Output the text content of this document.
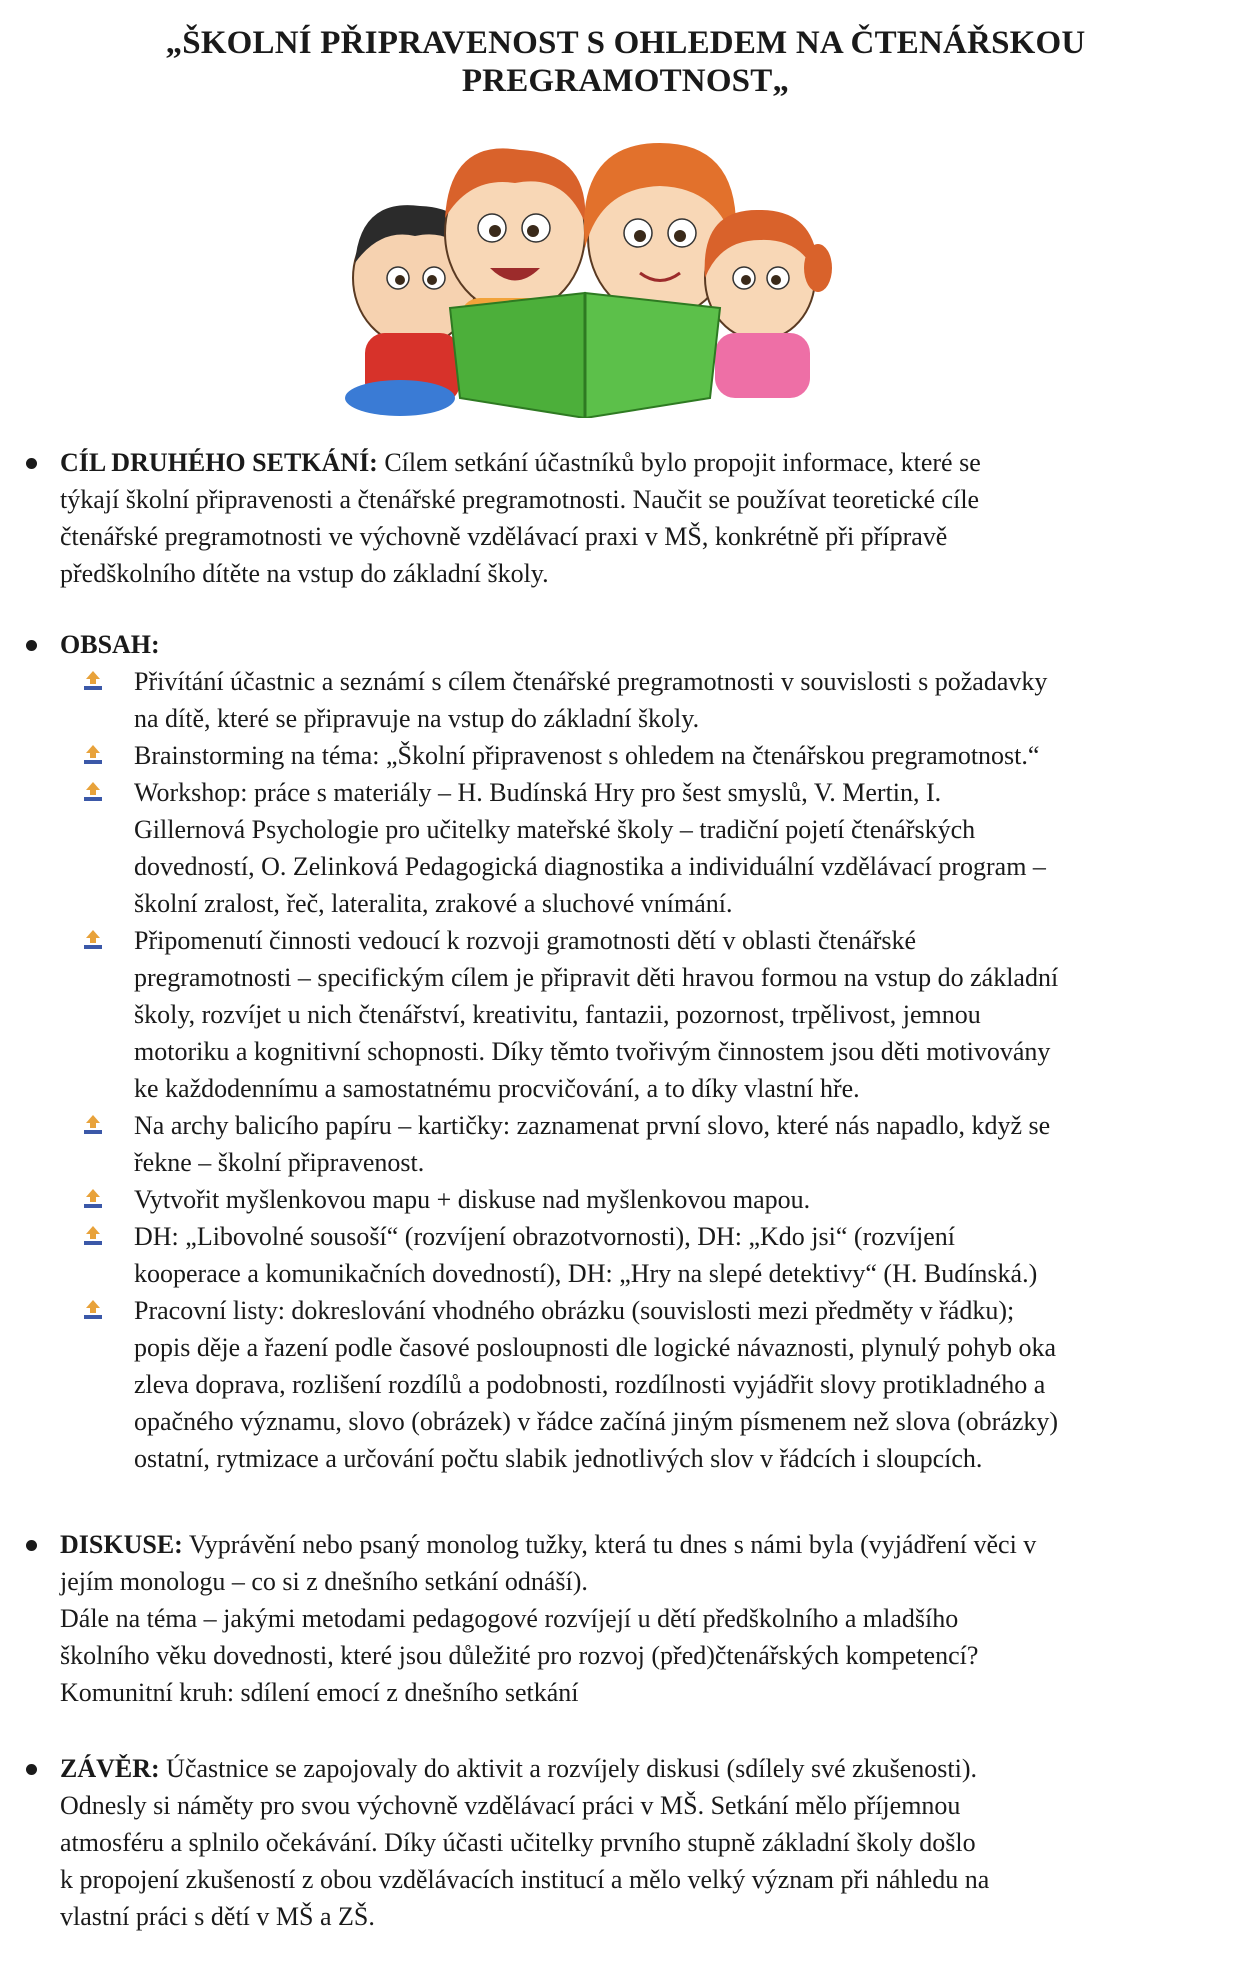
„ŠKOLNÍ PŘIPRAVENOST S OHLEDEM NA ČTENÁŘSKOU
PREGRAMOTNOST„

CÍL DRUHÉHO SETKÁNÍ: Cílem setkání účastníků bylo propojit informace, které se
týkají školní připravenosti a čtenářské pregramotnosti. Naučit se používat teoretické cíle
čtenářské pregramotnosti ve výchovně vzdělávací praxi v MŠ, konkrétně při přípravě
předškolního dítěte na vstup do základní školy.

OBSAH:

Přivítání účastnic a seznámí s cílem čtenářské pregramotnosti v souvislosti s požadavky
na dítě, které se připravuje na vstup do základní školy.
Brainstorming na téma: „Školní připravenost s ohledem na čtenářskou pregramotnost.“
Workshop: práce s materiály – H. Budínská Hry pro šest smyslů, V. Mertin, I.
Gillernová Psychologie pro učitelky mateřské školy – tradiční pojetí čtenářských
dovedností, O. Zelinková Pedagogická diagnostika a individuální vzdělávací program –
školní zralost, řeč, lateralita, zrakové a sluchové vnímání.
Připomenutí činnosti vedoucí k rozvoji gramotnosti dětí v oblasti čtenářské
pregramotnosti – specifickým cílem je připravit děti hravou formou na vstup do základní
školy, rozvíjet u nich čtenářství, kreativitu, fantazii, pozornost, trpělivost, jemnou
motoriku a kognitivní schopnosti. Díky těmto tvořivým činnostem jsou děti motivovány
ke každodennímu a samostatnému procvičování, a to díky vlastní hře.
Na archy balicího papíru – kartičky: zaznamenat první slovo, které nás napadlo, když se
řekne – školní připravenost.
Vytvořit myšlenkovou mapu + diskuse nad myšlenkovou mapou.
DH: „Libovolné sousoší“ (rozvíjení obrazotvornosti), DH: „Kdo jsi“ (rozvíjení
kooperace a komunikačních dovedností), DH: „Hry na slepé detektivy“ (H. Budínská.)
Pracovní listy: dokreslování vhodného obrázku (souvislosti mezi předměty v řádku);
popis děje a řazení podle časové posloupnosti dle logické návaznosti, plynulý pohyb oka
zleva doprava, rozlišení rozdílů a podobnosti, rozdílnosti vyjádřit slovy protikladného a
opačného významu, slovo (obrázek) v řádce začíná jiným písmenem než slova (obrázky)
ostatní, rytmizace a určování počtu slabik jednotlivých slov v řádcích i sloupcích.

DISKUSE: Vyprávění nebo psaný monolog tužky, která tu dnes s námi byla (vyjádření věci v
jejím monologu – co si z dnešního setkání odnáší).
Dále na téma – jakými metodami pedagogové rozvíjejí u dětí předškolního a mladšího
školního věku dovednosti, které jsou důležité pro rozvoj (před)čtenářských kompetencí?
Komunitní kruh: sdílení emocí z dnešního setkání

ZÁVĚR: Účastnice se zapojovaly do aktivit a rozvíjely diskusi (sdílely své zkušenosti).
Odnesly si náměty pro svou výchovně vzdělávací práci v MŠ. Setkání mělo příjemnou
atmosféru a splnilo očekávání. Díky účasti učitelky prvního stupně základní školy došlo
k propojení zkušeností z obou vzdělávacích institucí a mělo velký význam při náhledu na
vlastní práci s dětí v MŠ a ZŠ.
